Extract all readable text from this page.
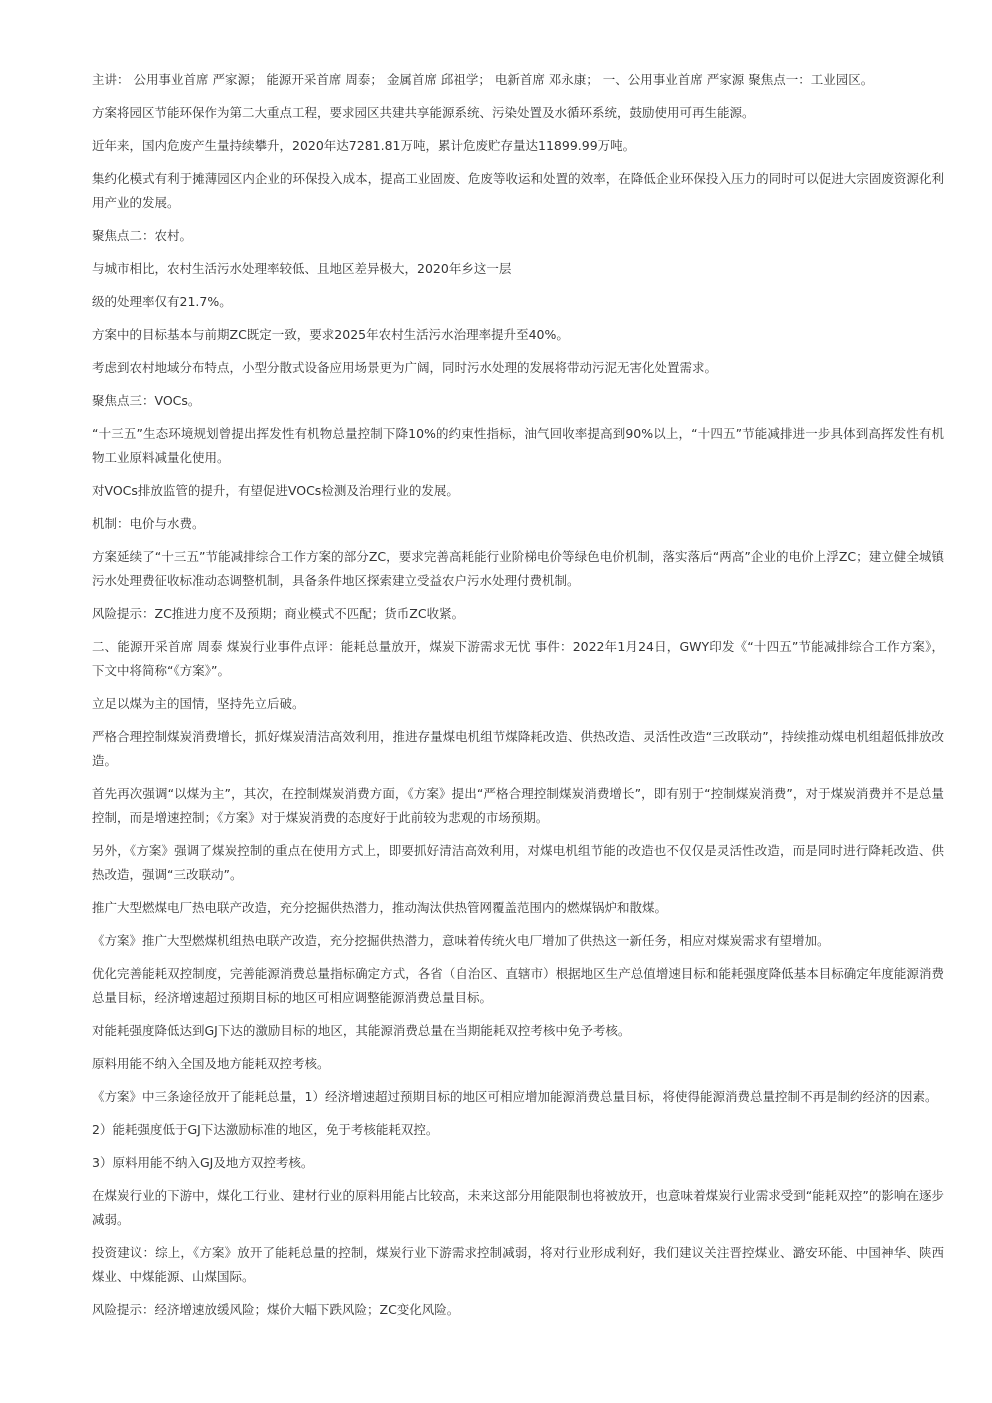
主讲： 公用事业首席 严家源； 能源开采首席 周泰； 金属首席 邱祖学； 电新首席 邓永康； 一、公用事业首席 严家源 聚焦点一：工业园区。

方案将园区节能环保作为第二大重点工程，要求园区共建共享能源系统、污染处置及水循环系统，鼓励使用可再生能源。

近年来，国内危废产生量持续攀升，2020年达7281.81万吨，累计危废贮存量达11899.99万吨。

集约化模式有利于摊薄园区内企业的环保投入成本，提高工业固废、危废等收运和处置的效率，在降低企业环保投入压力的同时可以促进大宗固废资源化利用产业的发展。

聚焦点二：农村。

与城市相比，农村生活污水处理率较低、且地区差异极大，2020年乡这一层

级的处理率仅有21.7%。

方案中的目标基本与前期ZC既定一致，要求2025年农村生活污水治理率提升至40%。

考虑到农村地域分布特点，小型分散式设备应用场景更为广阔，同时污水处理的发展将带动污泥无害化处置需求。

聚焦点三：VOCs。

“十三五”生态环境规划曾提出挥发性有机物总量控制下降10%的约束性指标，油气回收率提高到90%以上，“十四五”节能减排进一步具体到高挥发性有机物工业原料减量化使用。

对VOCs排放监管的提升，有望促进VOCs检测及治理行业的发展。

机制：电价与水费。

方案延续了“十三五”节能减排综合工作方案的部分ZC，要求完善高耗能行业阶梯电价等绿色电价机制，落实落后“两高”企业的电价上浮ZC；建立健全城镇污水处理费征收标准动态调整机制，具备条件地区探索建立受益农户污水处理付费机制。

风险提示：ZC推进力度不及预期；商业模式不匹配；货币ZC收紧。

二、能源开采首席 周泰 煤炭行业事件点评：能耗总量放开，煤炭下游需求无忧 事件：2022年1月24日，GWY印发《“十四五”节能减排综合工作方案》，下文中将简称“《方案》”。

立足以煤为主的国情，坚持先立后破。

严格合理控制煤炭消费增长，抓好煤炭清洁高效利用，推进存量煤电机组节煤降耗改造、供热改造、灵活性改造“三改联动”，持续推动煤电机组超低排放改造。

首先再次强调“以煤为主”，其次，在控制煤炭消费方面，《方案》提出“严格合理控制煤炭消费增长”，即有别于“控制煤炭消费”，对于煤炭消费并不是总量控制，而是增速控制；《方案》对于煤炭消费的态度好于此前较为悲观的市场预期。

另外，《方案》强调了煤炭控制的重点在使用方式上，即要抓好清洁高效利用，对煤电机组节能的改造也不仅仅是灵活性改造，而是同时进行降耗改造、供热改造，强调“三改联动”。

推广大型燃煤电厂热电联产改造，充分挖掘供热潜力，推动淘汰供热管网覆盖范围内的燃煤锅炉和散煤。

《方案》推广大型燃煤机组热电联产改造，充分挖掘供热潜力，意味着传统火电厂增加了供热这一新任务，相应对煤炭需求有望增加。

优化完善能耗双控制度，完善能源消费总量指标确定方式，各省（自治区、直辖市）根据地区生产总值增速目标和能耗强度降低基本目标确定年度能源消费总量目标，经济增速超过预期目标的地区可相应调整能源消费总量目标。

对能耗强度降低达到GJ下达的激励目标的地区，其能源消费总量在当期能耗双控考核中免予考核。

原料用能不纳入全国及地方能耗双控考核。

《方案》中三条途径放开了能耗总量，1）经济增速超过预期目标的地区可相应增加能源消费总量目标，将使得能源消费总量控制不再是制约经济的因素。

2）能耗强度低于GJ下达激励标准的地区，免于考核能耗双控。

3）原料用能不纳入GJ及地方双控考核。

在煤炭行业的下游中，煤化工行业、建材行业的原料用能占比较高，未来这部分用能限制也将被放开，也意味着煤炭行业需求受到“能耗双控”的影响在逐步减弱。

投资建议：综上，《方案》放开了能耗总量的控制，煤炭行业下游需求控制减弱，将对行业形成利好，我们建议关注晋控煤业、潞安环能、中国神华、陕西煤业、中煤能源、山煤国际。

风险提示：经济增速放缓风险；煤价大幅下跌风险；ZC变化风险。
